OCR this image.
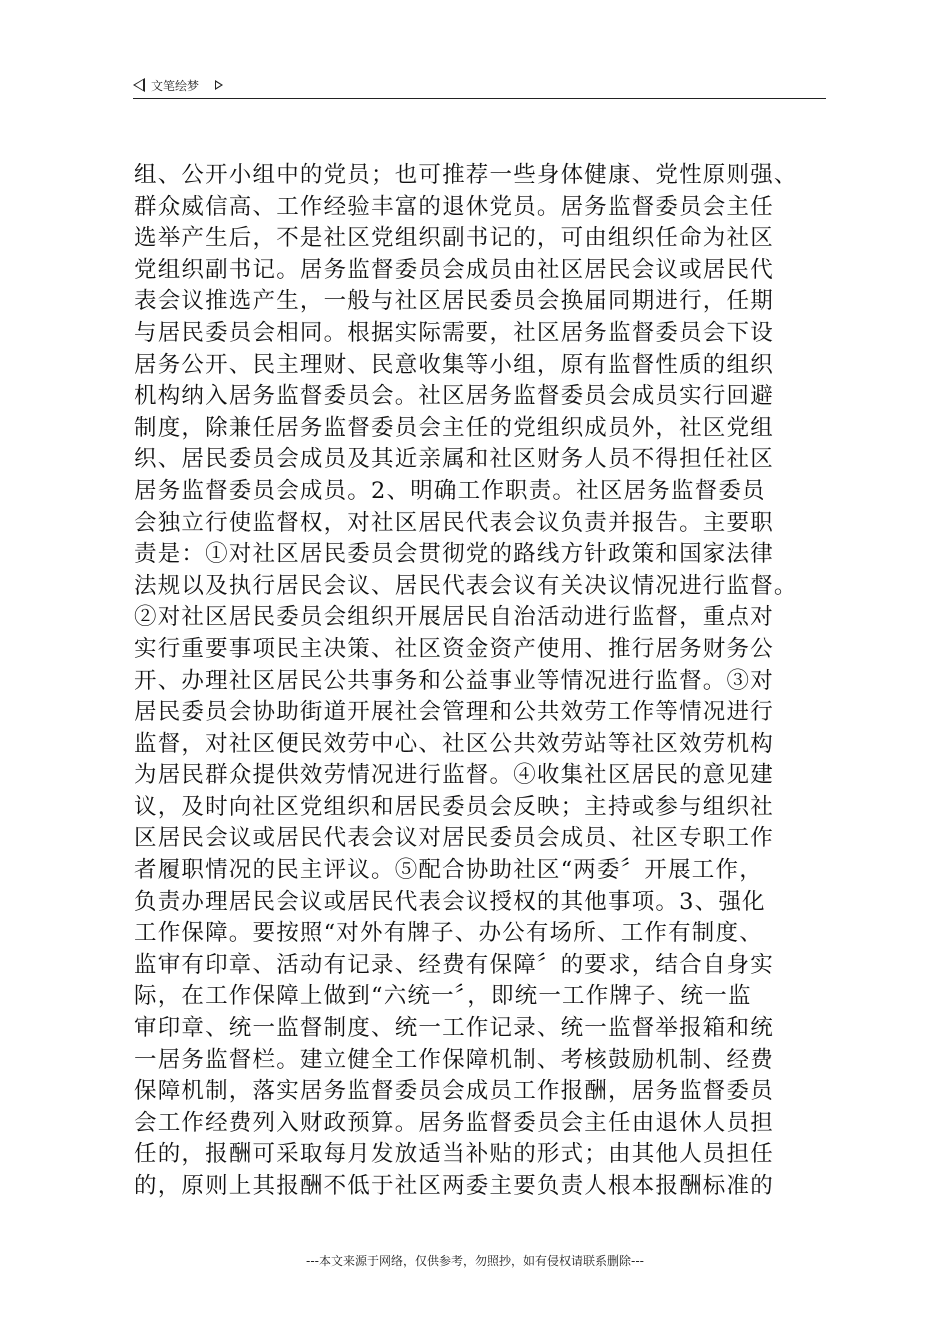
文笔绘梦
组、公开小组中的党员；也可推荐一些身体健康、党性原则强、
群众威信高、工作经验丰富的退休党员。居务监督委员会主任
选举产生后，不是社区党组织副书记的，可由组织任命为社区
党组织副书记。居务监督委员会成员由社区居民会议或居民代
表会议推选产生，一般与社区居民委员会换届同期进行，任期
与居民委员会相同。根据实际需要，社区居务监督委员会下设
居务公开、民主理财、民意收集等小组，原有监督性质的组织
机构纳入居务监督委员会。社区居务监督委员会成员实行回避
制度，除兼任居务监督委员会主任的党组织成员外，社区党组
织、居民委员会成员及其近亲属和社区财务人员不得担任社区
居务监督委员会成员。2、明确工作职责。社区居务监督委员
会独立行使监督权，对社区居民代表会议负责并报告。主要职
责是：①对社区居民委员会贯彻党的路线方针政策和国家法律
法规以及执行居民会议、居民代表会议有关决议情况进行监督。
②对社区居民委员会组织开展居民自治活动进行监督，重点对
实行重要事项民主决策、社区资金资产使用、推行居务财务公
开、办理社区居民公共事务和公益事业等情况进行监督。③对
居民委员会协助街道开展社会管理和公共效劳工作等情况进行
监督，对社区便民效劳中心、社区公共效劳站等社区效劳机构
为居民群众提供效劳情况进行监督。④收集社区居民的意见建
议，及时向社区党组织和居民委员会反映；主持或参与组织社
区居民会议或居民代表会议对居民委员会成员、社区专职工作
者履职情况的民主评议。⑤配合协助社区“两委〞开展工作，
负责办理居民会议或居民代表会议授权的其他事项。3、强化
工作保障。要按照“对外有牌子、办公有场所、工作有制度、
监审有印章、活动有记录、经费有保障〞的要求，结合自身实
际，在工作保障上做到“六统一〞，即统一工作牌子、统一监
审印章、统一监督制度、统一工作记录、统一监督举报箱和统
一居务监督栏。建立健全工作保障机制、考核鼓励机制、经费
保障机制，落实居务监督委员会成员工作报酬，居务监督委员
会工作经费列入财政预算。居务监督委员会主任由退休人员担
任的，报酬可采取每月发放适当补贴的形式；由其他人员担任
的，原则上其报酬不低于社区两委主要负责人根本报酬标准的
---本文来源于网络，仅供参考，勿照抄，如有侵权请联系删除---
